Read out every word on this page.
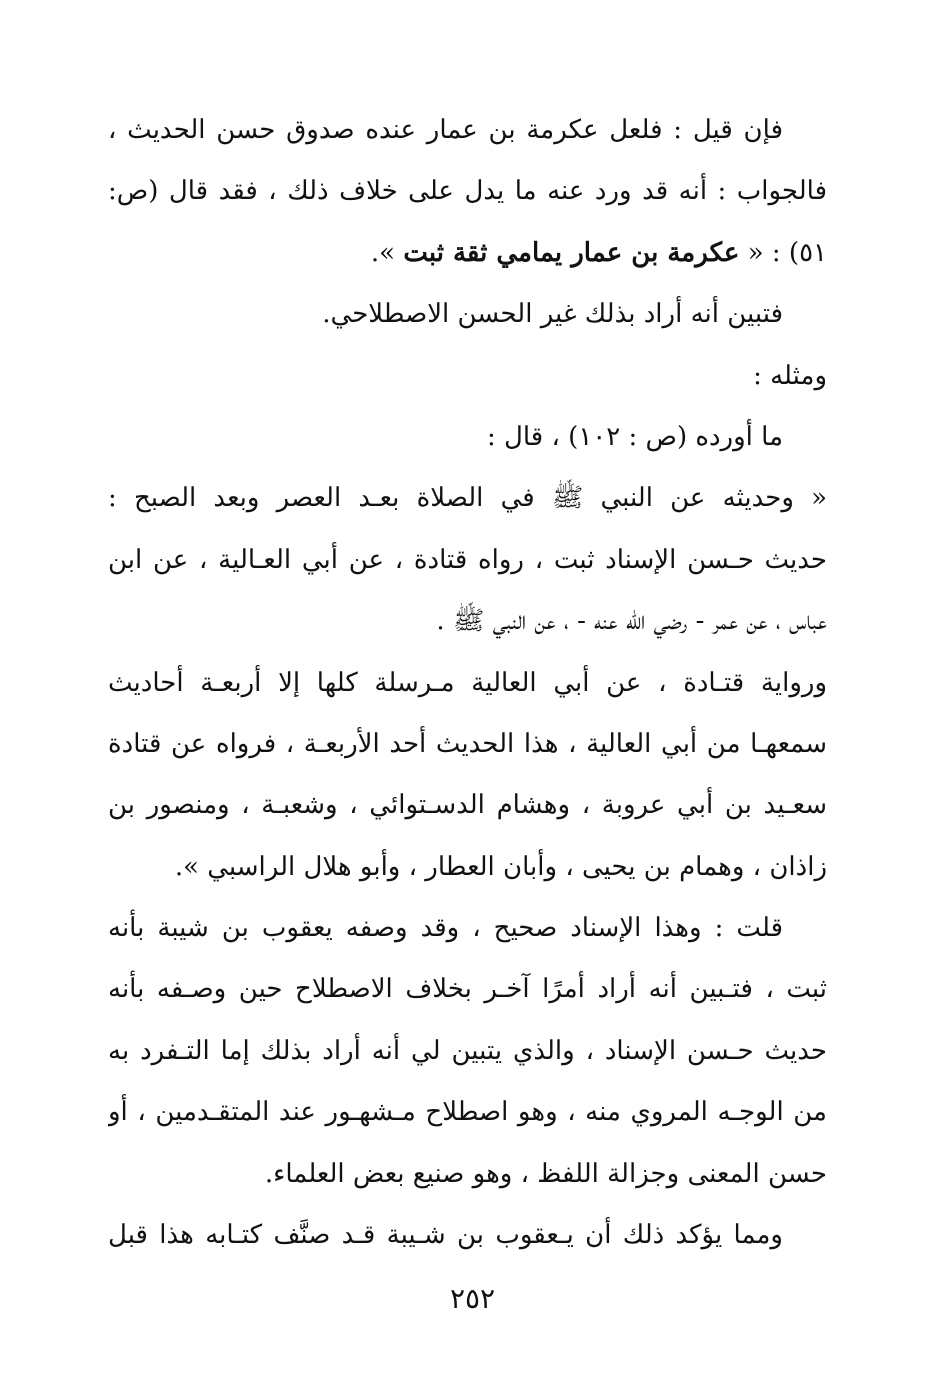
فإن قيل : فلعل عكرمة بن عمار عنده صدوق حسن الحديث ،
فالجواب : أنه قد ورد عنه ما يدل على خلاف ذلك ، فقد قال (ص:
٥١) : « عكرمة بن عمار يمامي ثقة ثبت ».
فتبين أنه أراد بذلك غير الحسن الاصطلاحي.
ومثله :
ما أورده (ص : ١٠٢) ، قال :
« وحديثه عن النبي ﷺ في الصلاة بعـد العصر وبعد الصبح :
حديث حـسن الإسناد ثبت ، رواه قتادة ، عن أبي العـالية ، عن ابن
عباس ، عن عمر - رضي الله عنه - ، عن النبي ﷺ .
ورواية قتـادة ، عن أبي العالية مـرسلة كلها إلا أربعـة أحاديث
سمعهـا من أبي العالية ، هذا الحديث أحد الأربعـة ، فرواه عن قتادة
سعـيد بن أبي عروبة ، وهشام الدسـتوائي ، وشعبـة ، ومنصور بن
زاذان ، وهمام بن يحيى ، وأبان العطار ، وأبو هلال الراسبي ».
قلت : وهذا الإسناد صحيح ، وقد وصفه يعقوب بن شيبة بأنه
ثبت ، فتـبين أنه أراد أمرًا آخـر بخلاف الاصطلاح حين وصـفه بأنه
حديث حـسن الإسناد ، والذي يتبين لي أنه أراد بذلك إما التـفرد به
من الوجـه المروي منه ، وهو اصطلاح مـشهـور عند المتقـدمين ، أو
حسن المعنى وجزالة اللفظ ، وهو صنيع بعض العلماء.
ومما يؤكد ذلك أن يـعقوب بن شـيبة قـد صنَّف كتـابه هذا قبل
٢٥٢
